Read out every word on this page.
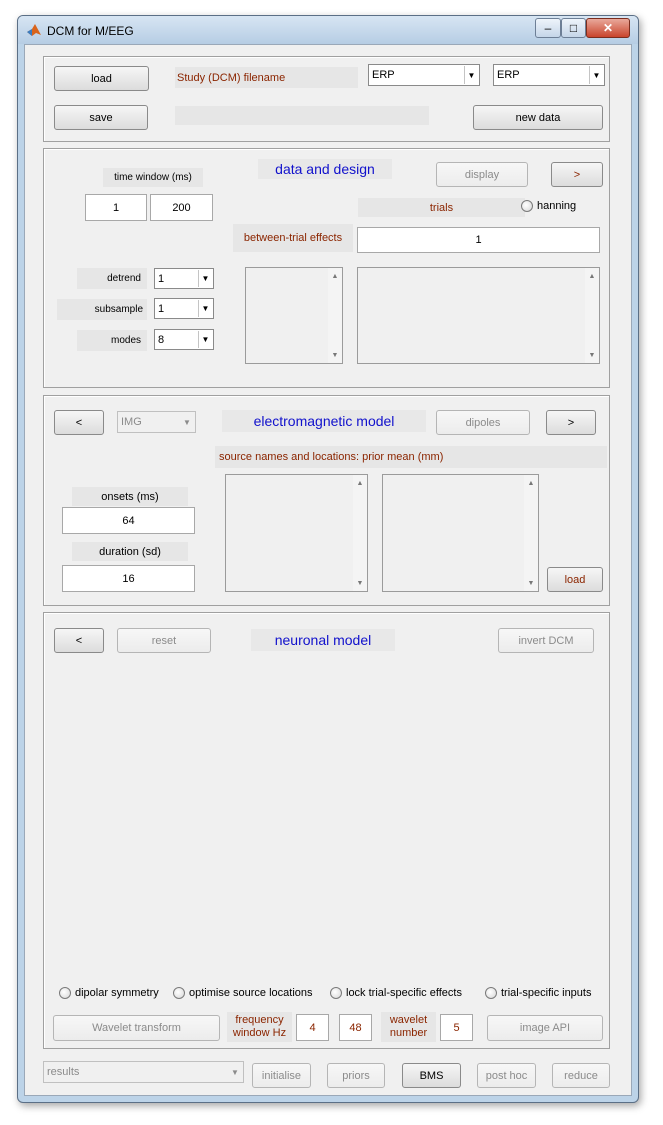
DCM for M/EEG	–	□	✕
load	Study (DCM) filename	ERP	▼ ERP	▼
save	new data
time window (ms)
data and design	display	>
1	200	trials	hanning
between-trial effects	1
detrend	1	▼
subsample	1	▼
modes	8	▼
▲
▼
▲
▼
<	IMG	▼	electromagnetic model	dipoles	>
source names and locations: prior mean (mm)
onsets (ms)
64
duration (sd)
16
▲
▼
▲
▼	load
<	reset	neuronal model	invert DCM
dipolar symmetry	optimise source locations	lock trial-specific effects	trial-specific inputs
Wavelet transform
frequency window Hz	4	48
wavelet number	5	image API
results	▼	initialise	priors	BMS	post hoc	reduce
